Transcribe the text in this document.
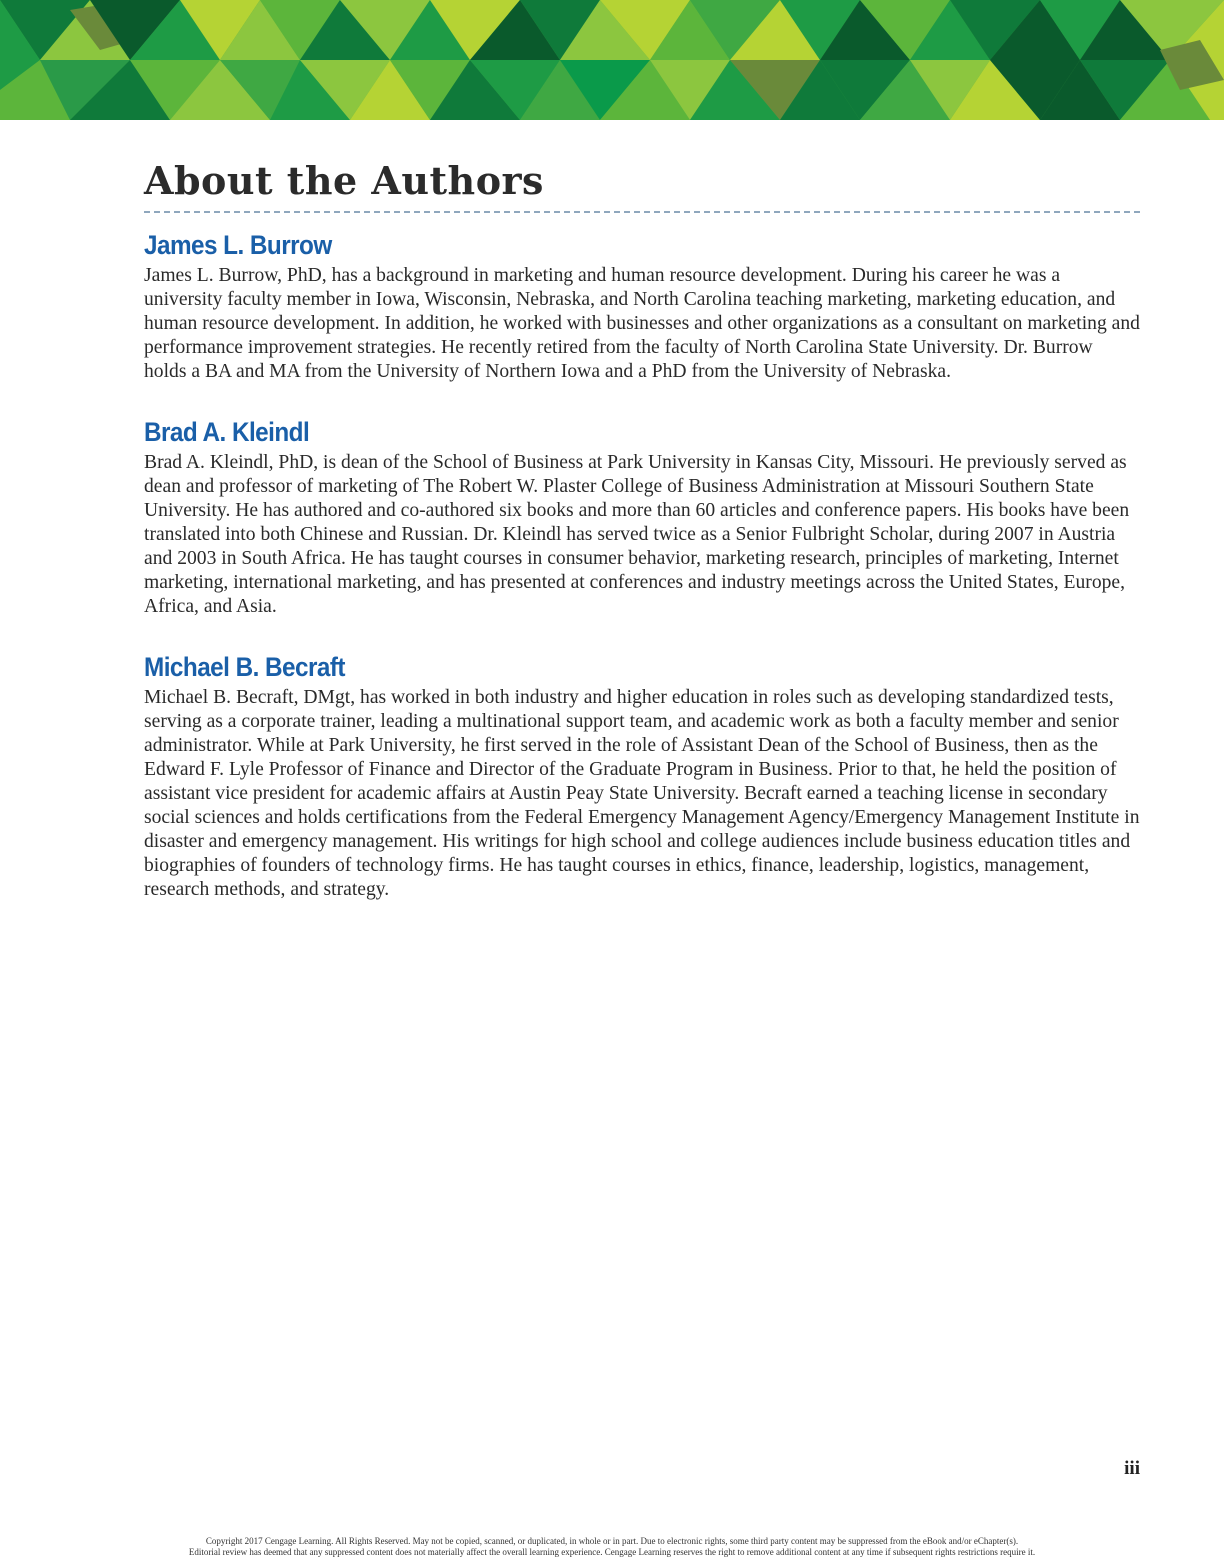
About the Authors
James L. Burrow

James L. Burrow, PhD, has a background in marketing and human resource development. During his career he was a university faculty member in Iowa, Wisconsin, Nebraska, and North Carolina teaching marketing, marketing education, and human resource development. In addition, he worked with businesses and other organizations as a consultant on marketing and performance improvement strategies. He recently retired from the faculty of North Carolina State University. Dr. Burrow holds a BA and MA from the University of Northern Iowa and a PhD from the University of Nebraska.

Brad A. Kleindl

Brad A. Kleindl, PhD, is dean of the School of Business at Park University in Kansas City, Missouri. He previously served as dean and professor of marketing of The Robert W. Plaster College of Business Administration at Missouri Southern State University. He has authored and co-authored six books and more than 60 articles and conference papers. His books have been translated into both Chinese and Russian. Dr. Kleindl has served twice as a Senior Fulbright Scholar, during 2007 in Austria and 2003 in South Africa. He has taught courses in consumer behavior, marketing research, principles of marketing, Internet marketing, international marketing, and has presented at conferences and industry meetings across the United States, Europe, Africa, and Asia.

Michael B. Becraft

Michael B. Becraft, DMgt, has worked in both industry and higher education in roles such as developing standardized tests, serving as a corporate trainer, leading a multinational support team, and academic work as both a faculty member and senior administrator. While at Park University, he first served in the role of Assistant Dean of the School of Business, then as the Edward F. Lyle Professor of Finance and Director of the Graduate Program in Business. Prior to that, he held the position of assistant vice president for academic affairs at Austin Peay State University. Becraft earned a teaching license in secondary social sciences and holds certifications from the Federal Emergency Management Agency/Emergency Management Institute in disaster and emergency management. His writings for high school and college audiences include business education titles and biographies of founders of technology firms. He has taught courses in ethics, finance, leadership, logistics, management, research methods, and strategy.

iii
Copyright 2017 Cengage Learning. All Rights Reserved. May not be copied, scanned, or duplicated, in whole or in part. Due to electronic rights, some third party content may be suppressed from the eBook and/or eChapter(s).
Editorial review has deemed that any suppressed content does not materially affect the overall learning experience. Cengage Learning reserves the right to remove additional content at any time if subsequent rights restrictions require it.
